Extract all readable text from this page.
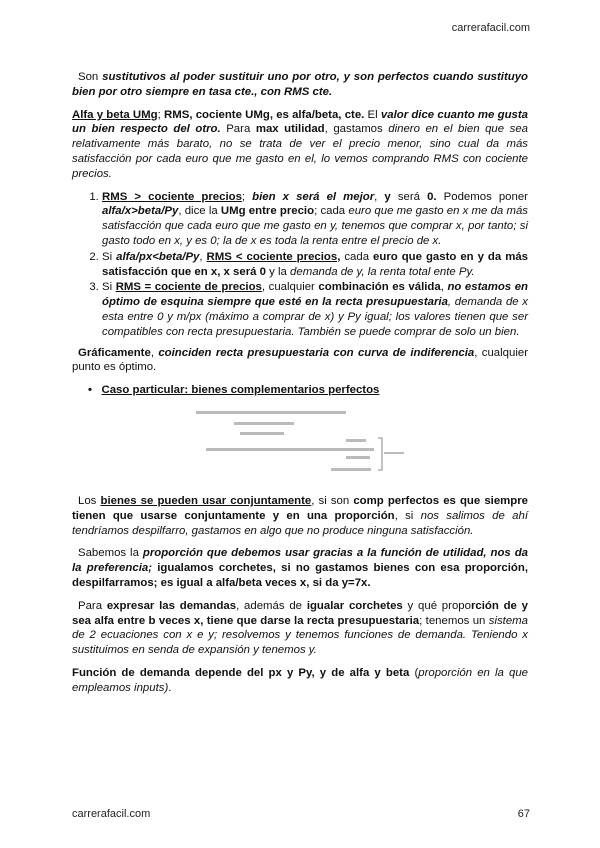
carrerafacil.com

Son sustitutivos al poder sustituir uno por otro, y son perfectos cuando sustituyo bien por otro siempre en tasa cte., con RMS cte.

Alfa y beta UMg; RMS, cociente UMg, es alfa/beta, cte. El valor dice cuanto me gusta un bien respecto del otro. Para max utilidad, gastamos dinero en el bien que sea relativamente más barato, no se trata de ver el precio menor, sino cual da más satisfacción por cada euro que me gasto en el, lo vemos comprando RMS con cociente precios.

1. RMS > cociente precios; bien x será el mejor, y será 0. Podemos poner alfa/x>beta/Py, dice la UMg entre precio; cada euro que me gasto en x me da más satisfacción que cada euro que me gasto en y, tenemos que comprar x, por tanto; si gasto todo en x, y es 0; la de x es toda la renta entre el precio de x.
2. Si alfa/px<beta/Py, RMS < cociente precios, cada euro que gasto en y da más satisfacción que en x, x será 0 y la demanda de y, la renta total ente Py.
3. Si RMS = cociente de precios, cualquier combinación es válida, no estamos en óptimo de esquina siempre que esté en la recta presupuestaria, demanda de x esta entre 0 y m/px (máximo a comprar de x) y Py igual; los valores tienen que ser compatibles con recta presupuestaria. También se puede comprar de solo un bien.

Gráficamente, coinciden recta presupuestaria con curva de indiferencia, cualquier punto es óptimo.

• Caso particular: bienes complementarios perfectos

Los bienes se pueden usar conjuntamente, si son comp perfectos es que siempre tienen que usarse conjuntamente y en una proporción, si nos salimos de ahí tendríamos despilfarro, gastamos en algo que no produce ninguna satisfacción.

Sabemos la proporción que debemos usar gracias a la función de utilidad, nos da la preferencia; igualamos corchetes, si no gastamos bienes con esa proporción, despilfarramos; es igual a alfa/beta veces x, si da y=7x.

Para expresar las demandas, además de igualar corchetes y qué proporción de y sea alfa entre b veces x, tiene que darse la recta presupuestaria; tenemos un sistema de 2 ecuaciones con x e y; resolvemos y tenemos funciones de demanda. Teniendo x sustituimos en senda de expansión y tenemos y.

Función de demanda depende del px y Py, y de alfa y beta (proporción en la que empleamos inputs).

carrerafacil.com	67
